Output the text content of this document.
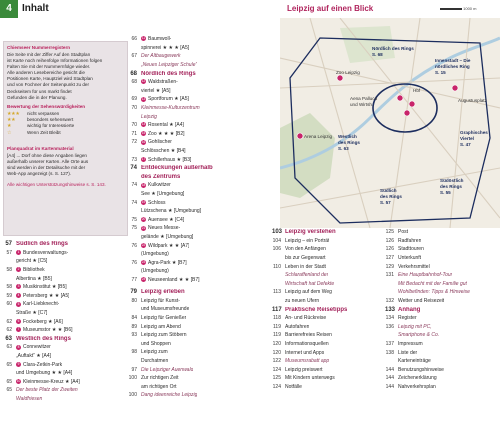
4	Inhalt
Chiemseer Nummerregistern
Die Seite mit der Ziffer Auf den Stadtplan
ist Karte noch reihenfolge Informationen folgen
Falten Sie mit der Nummernfolge wieder.
Alle anderen Lesebereiche gesicht die
Positionen Karte, Hauptziel wird Stadtplan
und von Fochner der Seitenpunkt zu der
Deckseitem für uns markt findet
Gefunden die in der Planung.
Bewertung der Sehenswürdigkeiten
★★★	nicht verpassen
★★	besonders sehenswert
★	wichtig für Interessierte
☆	Wenn Zeit Bleibt
Planquadrat im Kartenmaterial
[A4] ... Dorf ohne diese Angaben liegen
außerhalb unserer Karten. Alle Orte aus
sind werden in der Detailsuche mit der
Web-App angezeigt (s. S. 127).
Alle wichtigen Unterstützungshinweise s. S. 143.
57 Südlich des Rings
57	1 Bundesverwaltungs-
gericht ★ [C5]
58	2 Bibliothek
Albertina ★ [B5]
58	3 Musikinstitut ★ [B5]
59	4 Petersberg ★ ★ [A5]
60	5 Karl-Liebknecht-
Straße ★ [C7]
62	6 Fockeberg ★ [A6]
62	7 Museumstor ★ ★ [B6]
63 Westlich des Rings
63	8 Connewitzer
„Auftakt“ ★ [A4]
65	9 Clara-Zetkin-Park
und Umgebung ★ ★ [A4]
65	10 Kleinmesse-Kreuz ★ [A4]
65 Der beste Platz der Zweiten
Waldfriesen
66	11 Baumwoll-
spinnerei ★ ★ ★ [A5]
67 Der Altbaugewerk
„Neues Leipziger Schule“
68 Nördlich des Rings
68	12 Waldstraßen-
viertel ★ [A5]
69	13 Sportforum ★ [A5]
70 Kleinmesse-Kulturzentrum
Leipzig
70	14 Rosental ★ [A4]
71	15 Zoo ★ ★ ★ [B2]
72	16 Gohlischer
Schlösschen ★ [B4]
73	17 Schillerhaus ★ [B3]
74 Entdeckungen außerhalb
des Zentrums
74	18 Kulkwitzer
See ★ [Umgebung]
74	19 Schloss
Lützschena ★ [Umgebung]
75	20 Auensee ★ [C4]
75	21 Neues Messe-
gelände ★ [Umgebung]
76	22 Wildpark ★ ★ [A7]
(Umgebung)
76	23 Agra-Park ★ [B7]
(Umgebung)
77	24 Neuseenland ★ ★ [B7]
79 Leipzig erleben
80 Leipzig für Kunst-
und Museumsfreunde
84 Leipzig für Genießer
89 Leipzig am Abend
93 Leipzig zum Stöbern
und Shoppen
98 Leipzig zum
Durchatmen
97 Die Leipziger Auenwald
100 Zur richtigen Zeit
am richtigen Ort
100 Dang ideenreiche Leipzig
103 Leipzig verstehen
104 Leipzig – ein Porträt
106 Von den Anfängen
bis zur Gegenwart
110 Leben in der Stadt
Schlaraffenland der
Wirtschaft hat Defekte
113 Leipzig auf dem Weg
zu neuen Ufern
117 Praktische Reisetipps
118 An- und Rückreise
119 Autofahren
119 Barrierefreies Reisen
120 Informationsquellen
120 Internet und Apps
122 Museumsrabatt app
124 Leipzig preiswert
125 Mit Kindern unterwegs
124 Notfälle
125 Post
126 Radfahren
126 Stadttouren
127 Unterkunft
129 Verkehrsmittel
131 Eine Hauptbahnhof-Tour
Mit Bedacht mit der Familie gut
Wohlbefinden: Tipps & Hinweise
132 Wetter und Reisezeit
133 Anhang
134 Register
136 Leipzig mit PC,
Smartphone & Co.
137 Impressum
138 Liste der
Karteneinträge
144 Benutzungshinweise
144 Zeichenerklärung
144 Nahverkehrsplan
Leipzig auf einen Blick	1000 m
Nördlich des Rings
S. 68
Innenstadt – Die
nördliches Ring
S. 15
Graphisches
Viertel
S. 47
Westlich
des Rings
S. 63
Südöstlich
des Rings
S. 55
Südlich
des Rings
S. 57
Zoo Leipzig
Arena Leipzig
Augustusplatz
Aena Palluca
und Wirtsh.
Hbf
